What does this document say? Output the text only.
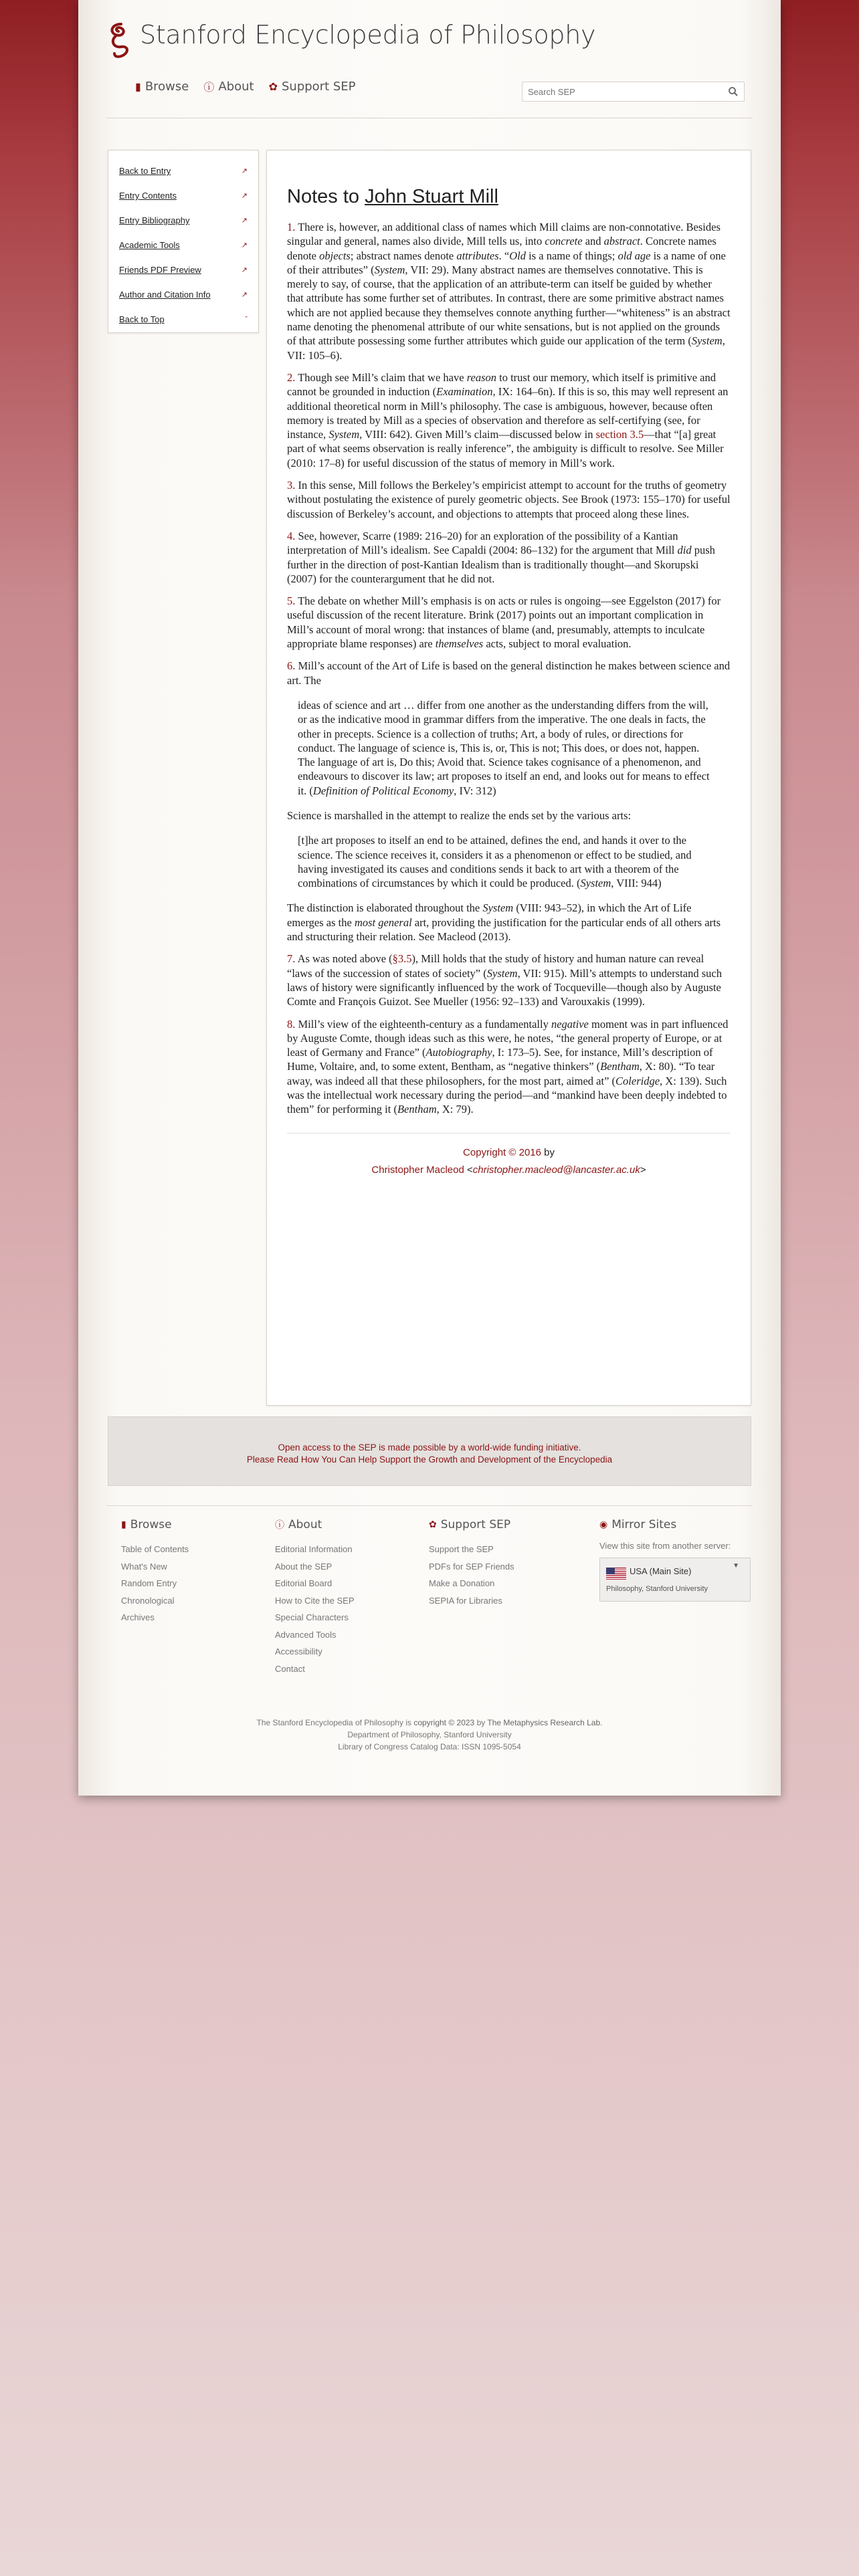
Stanford Encyclopedia of Philosophy
▮ Browse ⓘ About ✿ Support SEP
Search SEP
Back to Entry	↗
Entry Contents	↗
Entry Bibliography	↗
Academic Tools	↗
Friends PDF Preview	↗
Author and Citation Info	↗
Back to Top	ˆ
Notes to John Stuart Mill

1. There is, however, an additional class of names which Mill claims are non-connotative. Besides singular and general, names also divide, Mill tells us, into concrete and abstract. Concrete names denote objects; abstract names denote attributes. “Old is a name of things; old age is a name of one of their attributes” (System, VII: 29). Many abstract names are themselves connotative. This is merely to say, of course, that the application of an attribute-term can itself be guided by whether that attribute has some further set of attributes. In contrast, there are some primitive abstract names which are not applied because they themselves connote anything further—“whiteness” is an abstract name denoting the phenomenal attribute of our white sensations, but is not applied on the grounds of that attribute possessing some further attributes which guide our application of the term (System, VII: 105–6).

2. Though see Mill’s claim that we have reason to trust our memory, which itself is primitive and cannot be grounded in induction (Examination, IX: 164–6n). If this is so, this may well represent an additional theoretical norm in Mill’s philosophy. The case is ambiguous, however, because often memory is treated by Mill as a species of observation and therefore as self-certifying (see, for instance, System, VIII: 642). Given Mill’s claim—discussed below in section 3.5—that “[a] great part of what seems observation is really inference”, the ambiguity is difficult to resolve. See Miller (2010: 17–8) for useful discussion of the status of memory in Mill’s work.

3. In this sense, Mill follows the Berkeley’s empiricist attempt to account for the truths of geometry without postulating the existence of purely geometric objects. See Brook (1973: 155–170) for useful discussion of Berkeley’s account, and objections to attempts that proceed along these lines.

4. See, however, Scarre (1989: 216–20) for an exploration of the possibility of a Kantian interpretation of Mill’s idealism. See Capaldi (2004: 86–132) for the argument that Mill did push further in the direction of post-Kantian Idealism than is traditionally thought—and Skorupski (2007) for the counterargument that he did not.

5. The debate on whether Mill’s emphasis is on acts or rules is ongoing—see Eggelston (2017) for useful discussion of the recent literature. Brink (2017) points out an important complication in Mill’s account of moral wrong: that instances of blame (and, presumably, attempts to inculcate appropriate blame responses) are themselves acts, subject to moral evaluation.

6. Mill’s account of the Art of Life is based on the general distinction he makes between science and art. The

ideas of science and art … differ from one another as the understanding differs from the will, or as the indicative mood in grammar differs from the imperative. The one deals in facts, the other in precepts. Science is a collection of truths; Art, a body of rules, or directions for conduct. The language of science is, This is, or, This is not; This does, or does not, happen. The language of art is, Do this; Avoid that. Science takes cognisance of a phenomenon, and endeavours to discover its law; art proposes to itself an end, and looks out for means to effect it. (Definition of Political Economy, IV: 312)

Science is marshalled in the attempt to realize the ends set by the various arts:

[t]he art proposes to itself an end to be attained, defines the end, and hands it over to the science. The science receives it, considers it as a phenomenon or effect to be studied, and having investigated its causes and conditions sends it back to art with a theorem of the combinations of circumstances by which it could be produced. (System, VIII: 944)

The distinction is elaborated throughout the System (VIII: 943–52), in which the Art of Life emerges as the most general art, providing the justification for the particular ends of all others arts and structuring their relation. See Macleod (2013).

7. As was noted above (§3.5), Mill holds that the study of history and human nature can reveal “laws of the succession of states of society” (System, VII: 915). Mill’s attempts to understand such laws of history were significantly influenced by the work of Tocqueville—though also by Auguste Comte and François Guizot. See Mueller (1956: 92–133) and Varouxakis (1999).

8. Mill’s view of the eighteenth-century as a fundamentally negative moment was in part influenced by Auguste Comte, though ideas such as this were, he notes, “the general property of Europe, or at least of Germany and France” (Autobiography, I: 173–5). See, for instance, Mill’s description of Hume, Voltaire, and, to some extent, Bentham, as “negative thinkers” (Bentham, X: 80). “To tear away, was indeed all that these philosophers, for the most part, aimed at” (Coleridge, X: 139). Such was the intellectual work necessary during the period—and “mankind have been deeply indebted to them” for performing it (Bentham, X: 79).

Copyright © 2016 by
Christopher Macleod <christopher.macleod@lancaster.ac.uk>
Open access to the SEP is made possible by a world-wide funding initiative.
Please Read How You Can Help Support the Growth and Development of the Encyclopedia
▮ Browse
Table of Contents
What's New
Random Entry
Chronological
Archives
ⓘ About
Editorial Information
About the SEP
Editorial Board
How to Cite the SEP
Special Characters
Advanced Tools
Accessibility
Contact
✿ Support SEP
Support the SEP
PDFs for SEP Friends
Make a Donation
SEPIA for Libraries
◉ Mirror Sites
View this site from another server:
USA (Main Site)
▼
Philosophy, Stanford University
The Stanford Encyclopedia of Philosophy is copyright © 2023 by The Metaphysics Research Lab.
Department of Philosophy, Stanford University
Library of Congress Catalog Data: ISSN 1095-5054
